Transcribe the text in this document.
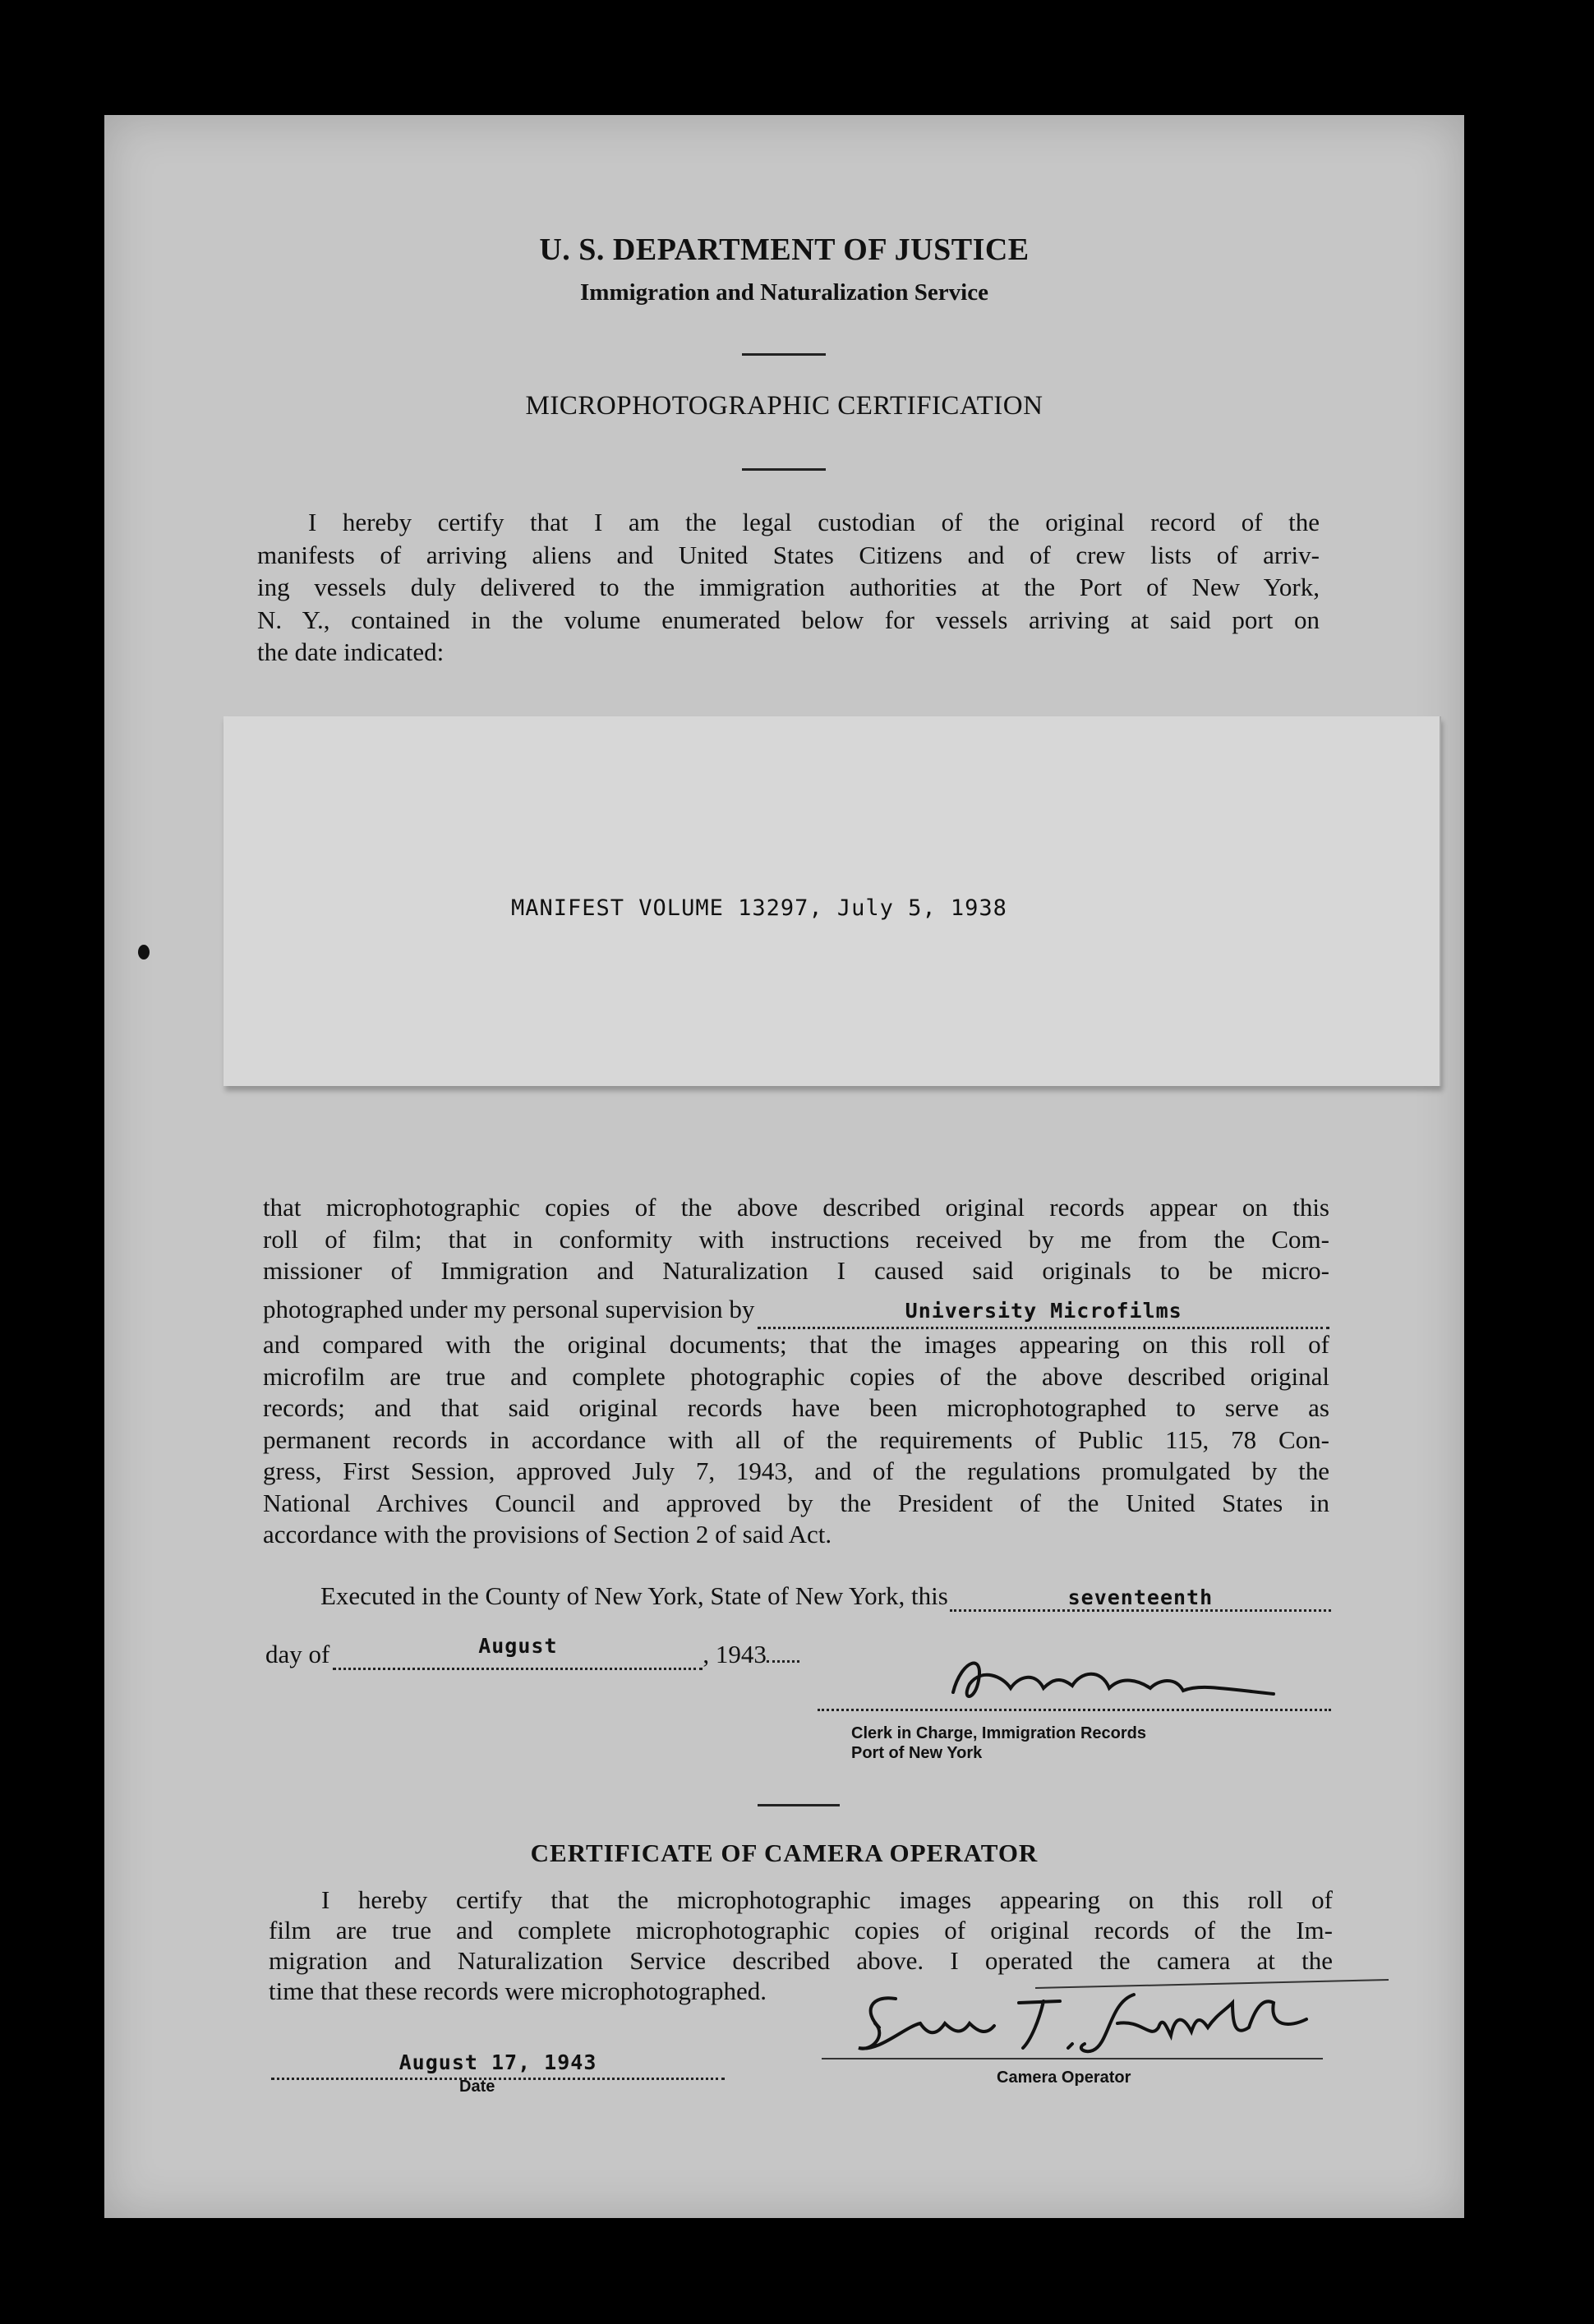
U. S. DEPARTMENT OF JUSTICE
Immigration and Naturalization Service
MICROPHOTOGRAPHIC CERTIFICATION

I hereby certify that I am the legal custodian of the original record of the

manifests of arriving aliens and United States Citizens and of crew lists of arriv-

ing vessels duly delivered to the immigration authorities at the Port of New York,

N. Y., contained in the volume enumerated below for vessels arriving at said port on

the date indicated:

MANIFEST VOLUME 13297, July 5, 1938

that microphotographic copies of the above described original records appear on this

roll of film; that in conformity with instructions received by me from the Com-

missioner of Immigration and Naturalization I caused said originals to be micro-

photographed under my personal supervision by	University Microfilms

and compared with the original documents; that the images appearing on this roll of

microfilm are true and complete photographic copies of the above described original

records; and that said original records have been microphotographed to serve as

permanent records in accordance with all of the requirements of Public 115, 78 Con-

gress, First Session, approved July 7, 1943, and of the regulations promulgated by the

National Archives Council and approved by the President of the United States in

accordance with the provisions of Section 2 of said Act.

Executed in the County of New York, State of New York, this	seventeenth
day of	August	, 1943
Clerk in Charge, Immigration Records
Port of New York
CERTIFICATE OF CAMERA OPERATOR

I hereby certify that the microphotographic images appearing on this roll of

film are true and complete microphotographic copies of original records of the Im-

migration and Naturalization Service described above. I operated the camera at the

time that these records were microphotographed.

Camera Operator
August 17, 1943
Date
